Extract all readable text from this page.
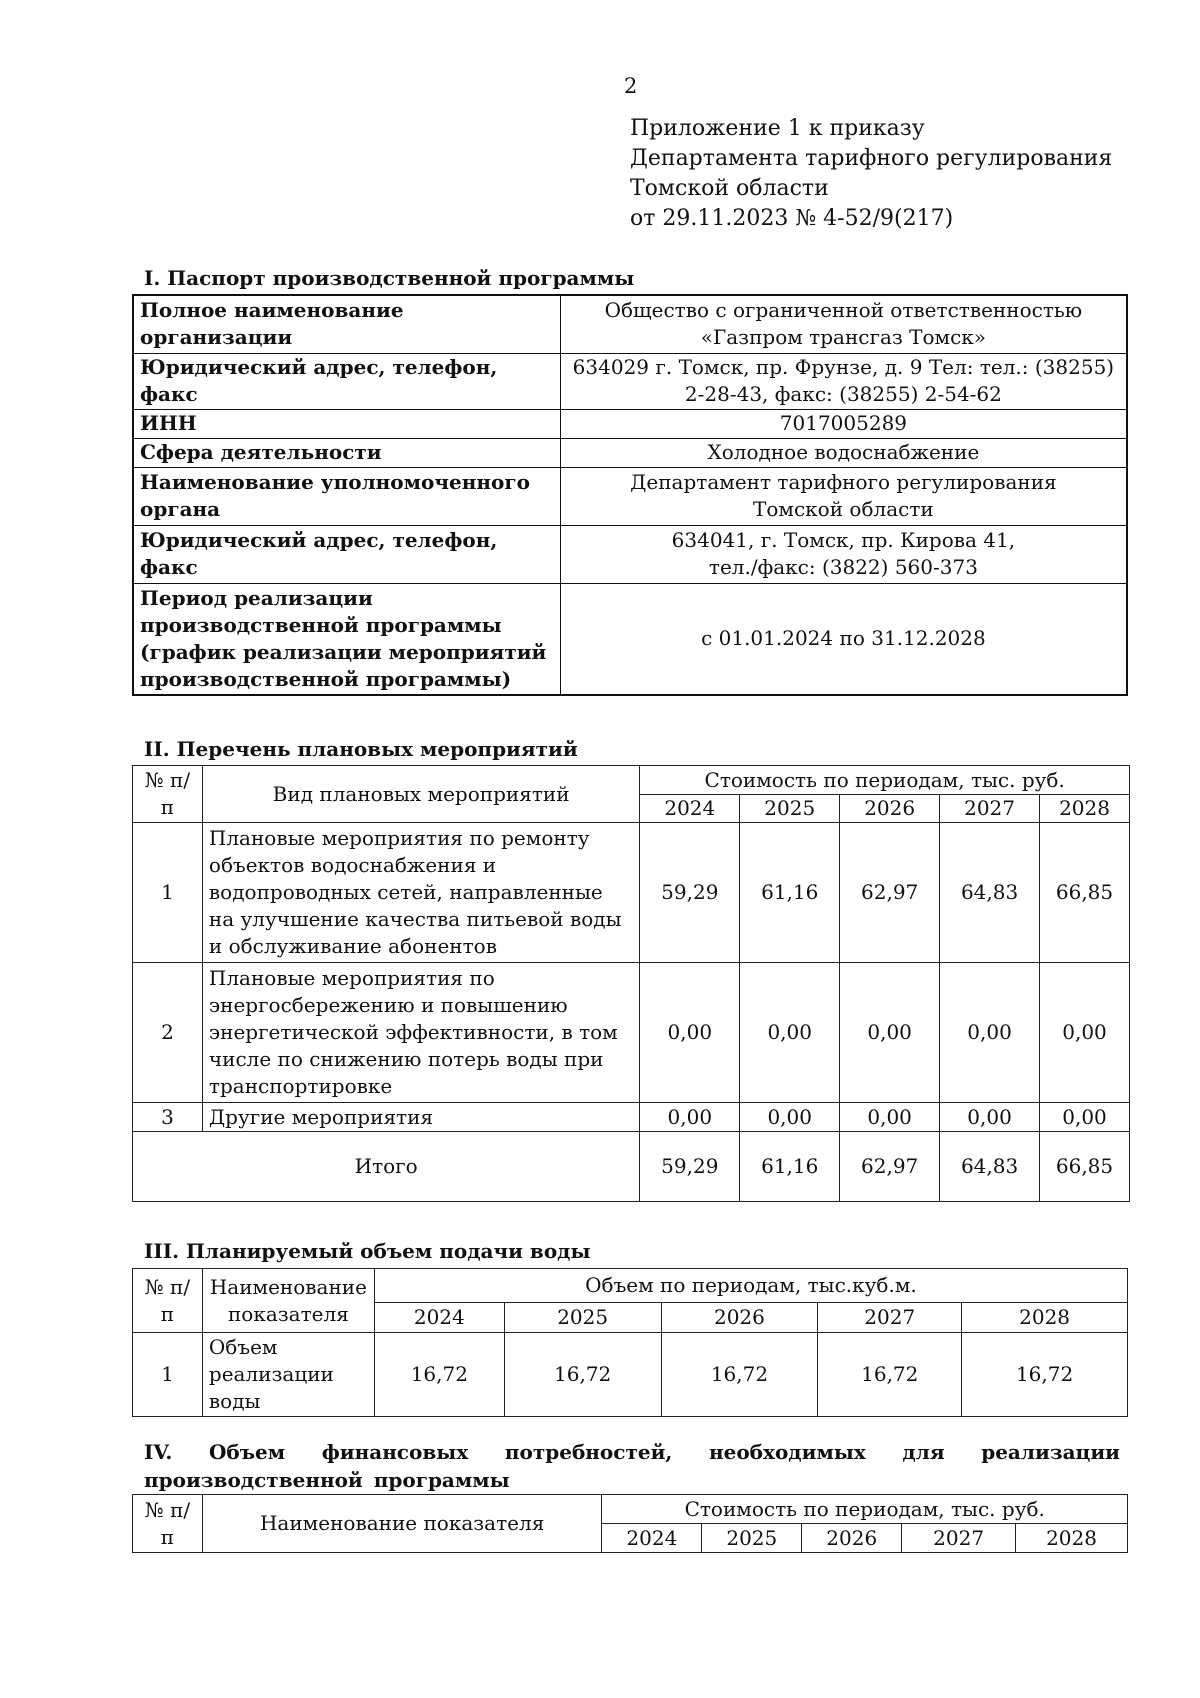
2
Приложение 1 к приказу
Департамента тарифного регулирования
Томской области
от 29.11.2023 № 4-52/9(217)
I. Паспорт производственной программы
Полное наименование организации	Общество с ограниченной ответственностью
«Газпром трансгаз Томск»

Юридический адрес, телефон, факс	634029 г. Томск, пр. Фрунзе, д. 9 Тел: тел.: (38255)
2-28-43, факс: (38255) 2-54-62

ИНН	7017005289
Сфера деятельности	Холодное водоснабжение
Наименование уполномоченного органа	Департамент тарифного регулирования
Томской области

Юридический адрес, телефон, факс	634041, г. Томск, пр. Кирова 41,
тел./факс: (3822) 560-373

Период реализации производственной программы (график реализации мероприятий производственной программы)	с 01.01.2024 по 31.12.2028
II. Перечень плановых мероприятий
№ п/п	Вид плановых мероприятий	Стоимость по периодам, тыс. руб.				
		2024	2025	2026	2027	2028
1	Плановые мероприятия по ремонту объектов водоснабжения и водопроводных сетей, направленные на улучшение качества питьевой воды и обслуживание абонентов	59,29	61,16	62,97	64,83	66,85
2	Плановые мероприятия по энергосбережению и повышению энергетической эффективности, в том числе по снижению потерь воды при транспортировке	0,00	0,00	0,00	0,00	0,00
3	Другие мероприятия	0,00	0,00	0,00	0,00	0,00
Итого		59,29	61,16	62,97	64,83	66,85
III. Планируемый объем подачи воды
№ п/п	Наименование показателя	Объем по периодам, тыс.куб.м.				
		2024	2025	2026	2027	2028
1	Объем реализации воды	16,72	16,72	16,72	16,72	16,72
IV. Объем финансовых потребностей, необходимых для реализации производственной программы
№ п/п	Наименование показателя	Стоимость по периодам, тыс. руб.				
		2024	2025	2026	2027	2028
